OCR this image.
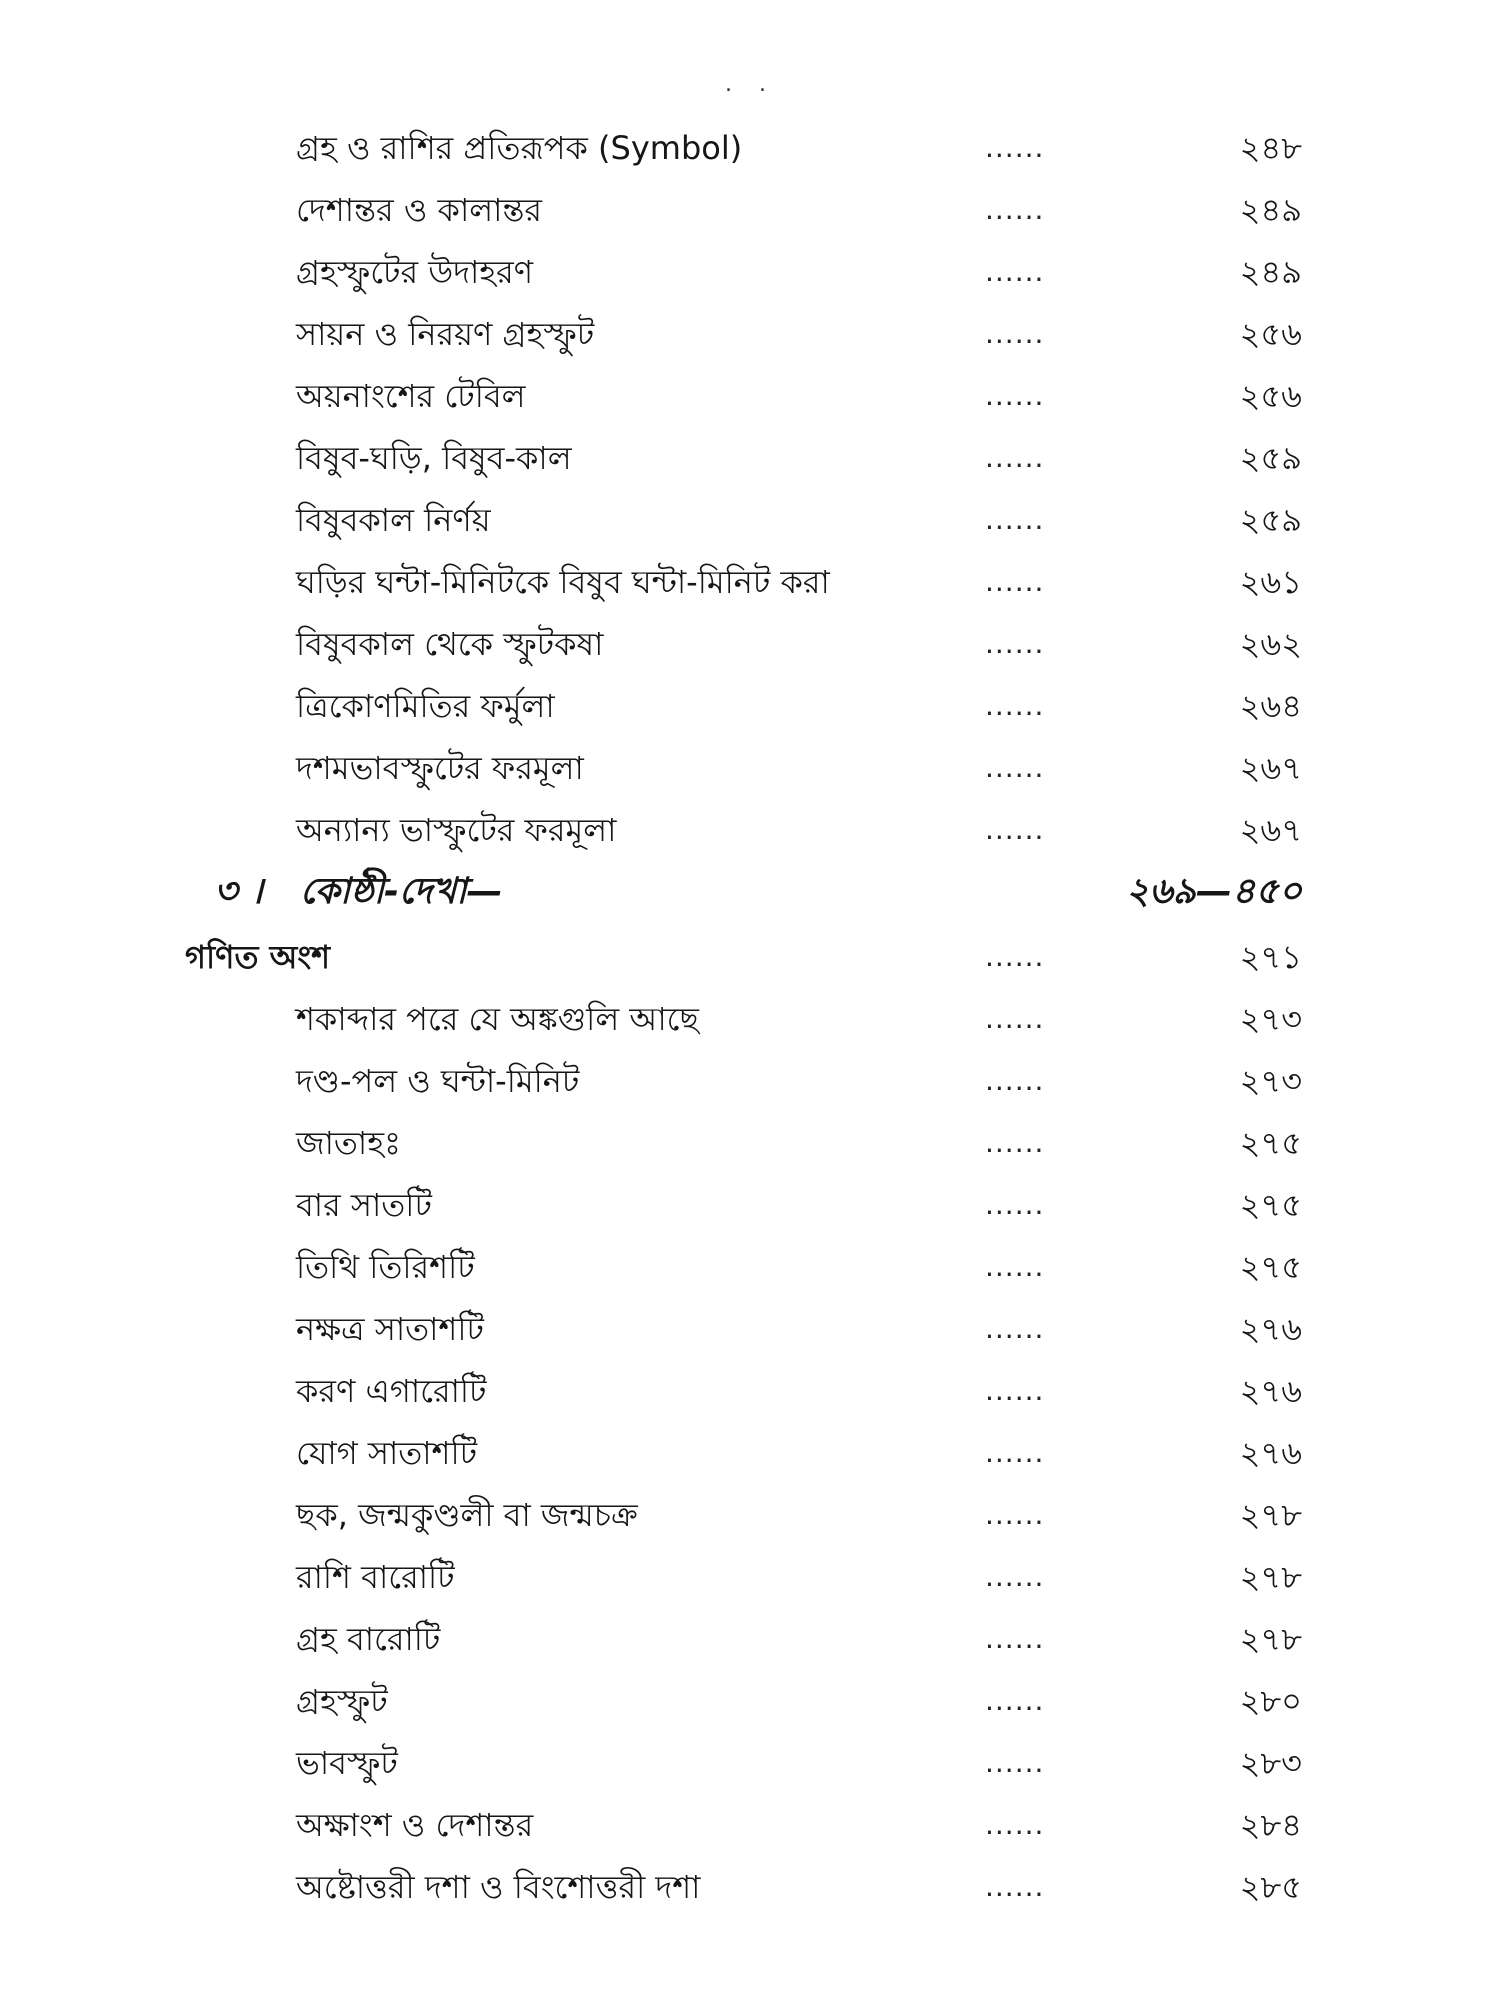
. .
গ্রহ ও রাশির প্রতিরূপক (Symbol)	......	২৪৮
দেশান্তর ও কালান্তর	......	২৪৯
গ্রহস্ফুটের উদাহরণ	......	২৪৯
সায়ন ও নিরয়ণ গ্রহস্ফুট	......	২৫৬
অয়নাংশের টেবিল	......	২৫৬
বিষুব-ঘড়ি, বিষুব-কাল	......	২৫৯
বিষুবকাল নির্ণয়	......	২৫৯
ঘড়ির ঘন্টা-মিনিটকে বিষুব ঘন্টা-মিনিট করা	......	২৬১
বিষুবকাল থেকে স্ফুটকষা	......	২৬২
ত্রিকোণমিতির ফর্মুলা	......	২৬৪
দশমভাবস্ফুটের ফরমূলা	......	২৬৭
অন্যান্য ভাস্ফুটের ফরমূলা	......	২৬৭
৩ । কোষ্ঠী-দেখা—	২৬৯—৪৫০
গণিত অংশ	......	২৭১
শকাব্দার পরে যে অঙ্কগুলি আছে	......	২৭৩
দণ্ড-পল ও ঘন্টা-মিনিট	......	২৭৩
জাতাহঃ	......	২৭৫
বার সাতটি	......	২৭৫
তিথি তিরিশটি	......	২৭৫
নক্ষত্র সাতাশটি	......	২৭৬
করণ এগারোটি	......	২৭৬
যোগ সাতাশটি	......	২৭৬
ছক, জন্মকুণ্ডলী বা জন্মচক্র	......	২৭৮
রাশি বারোটি	......	২৭৮
গ্রহ বারোটি	......	২৭৮
গ্রহস্ফুট	......	২৮০
ভাবস্ফুট	......	২৮৩
অক্ষাংশ ও দেশান্তর	......	২৮৪
অষ্টোত্তরী দশা ও বিংশোত্তরী দশা	......	২৮৫
